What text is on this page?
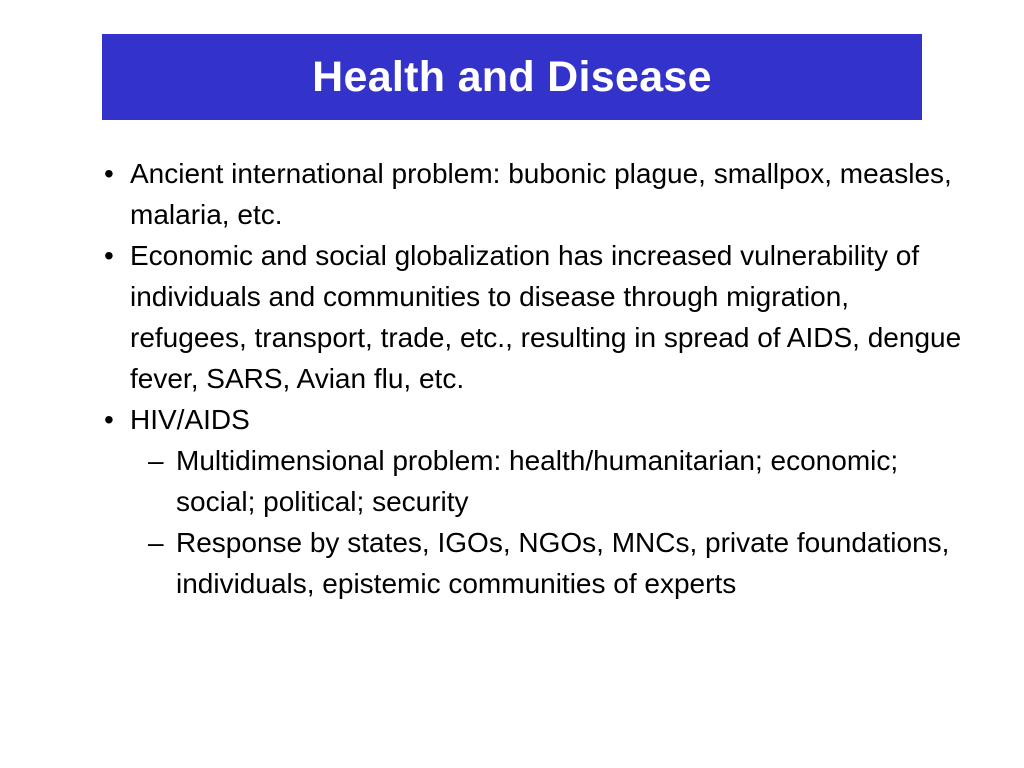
Health and Disease
• Ancient international problem: bubonic plague, smallpox, measles, malaria, etc.
• Economic and social globalization has increased vulnerability of individuals and communities to disease through migration, refugees, transport, trade, etc., resulting in spread of AIDS, dengue fever, SARS, Avian flu, etc.
• HIV/AIDS
– Multidimensional problem: health/humanitarian; economic; social; political; security
– Response by states, IGOs, NGOs, MNCs, private foundations, individuals, epistemic communities of experts
